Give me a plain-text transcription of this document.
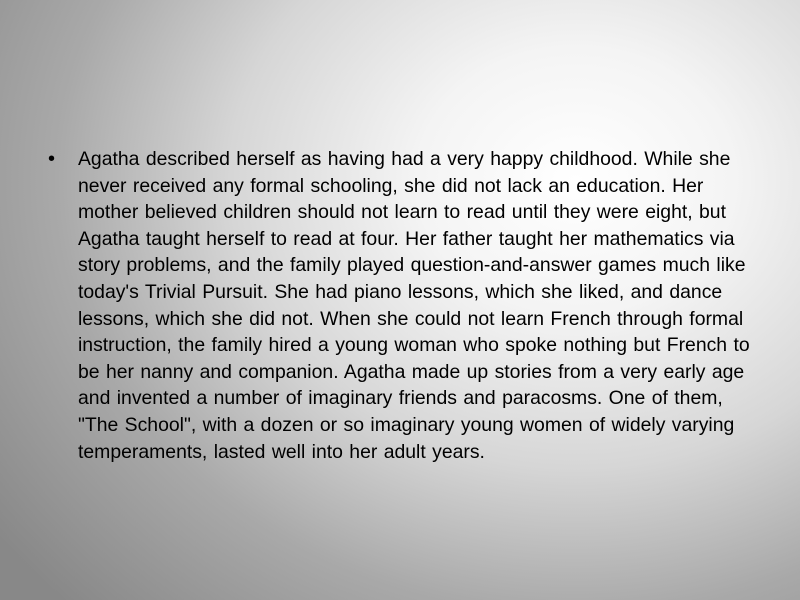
•	Agatha described herself as having had a very happy childhood. While she never received any formal schooling, she did not lack an education. Her mother believed children should not learn to read until they were eight, but Agatha taught herself to read at four. Her father taught her mathematics via story problems, and the family played question-and-answer games much like today's Trivial Pursuit. She had piano lessons, which she liked, and dance lessons, which she did not. When she could not learn French through formal instruction, the family hired a young woman who spoke nothing but French to be her nanny and companion. Agatha made up stories from a very early age and invented a number of imaginary friends and paracosms. One of them, "The School", with a dozen or so imaginary young women of widely varying temperaments, lasted well into her adult years.
